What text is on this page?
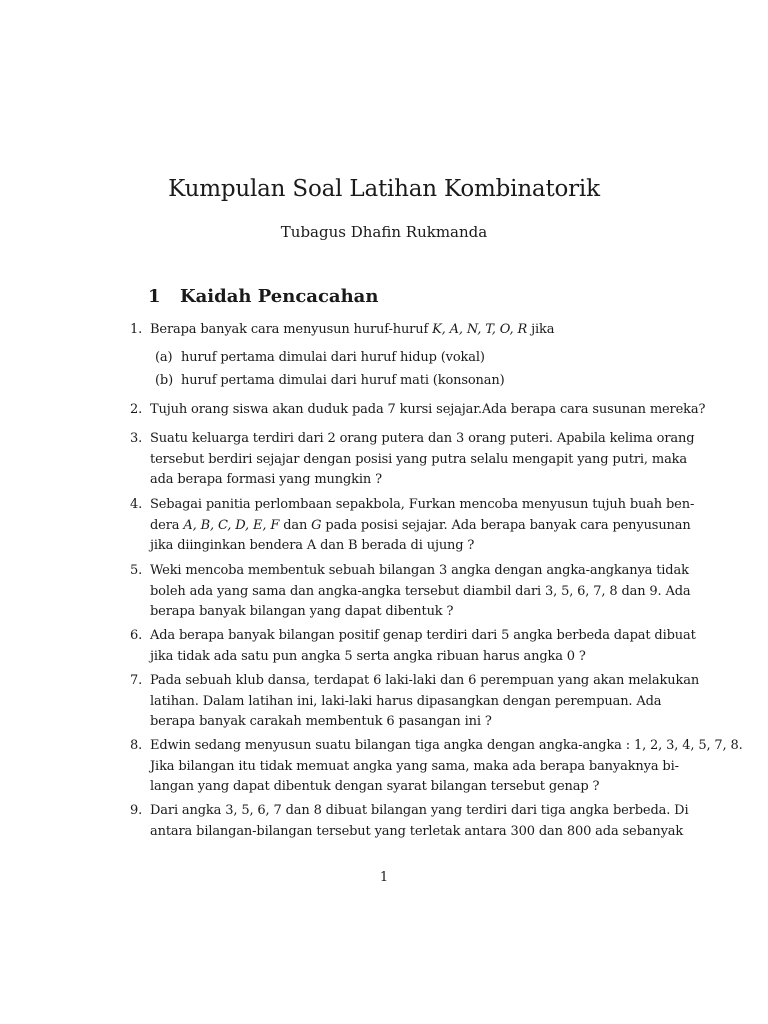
Kumpulan Soal Latihan Kombinatorik
Tubagus Dhafin Rukmanda
1 Kaidah Pencacahan
1. Berapa banyak cara menyusun huruf-huruf K, A, N, T, O, R jika
(a) huruf pertama dimulai dari huruf hidup (vokal)
(b) huruf pertama dimulai dari huruf mati (konsonan)
2. Tujuh orang siswa akan duduk pada 7 kursi sejajar.Ada berapa cara susunan mereka?
3. Suatu keluarga terdiri dari 2 orang putera dan 3 orang puteri. Apabila kelima orang
tersebut berdiri sejajar dengan posisi yang putra selalu mengapit yang putri, maka
ada berapa formasi yang mungkin ?
4. Sebagai panitia perlombaan sepakbola, Furkan mencoba menyusun tujuh buah ben-
dera A, B, C, D, E, F dan G pada posisi sejajar. Ada berapa banyak cara penyusunan
jika diinginkan bendera A dan B berada di ujung ?
5. Weki mencoba membentuk sebuah bilangan 3 angka dengan angka-angkanya tidak
boleh ada yang sama dan angka-angka tersebut diambil dari 3, 5, 6, 7, 8 dan 9. Ada
berapa banyak bilangan yang dapat dibentuk ?
6. Ada berapa banyak bilangan positif genap terdiri dari 5 angka berbeda dapat dibuat
jika tidak ada satu pun angka 5 serta angka ribuan harus angka 0 ?
7. Pada sebuah klub dansa, terdapat 6 laki-laki dan 6 perempuan yang akan melakukan
latihan. Dalam latihan ini, laki-laki harus dipasangkan dengan perempuan. Ada
berapa banyak carakah membentuk 6 pasangan ini ?
8. Edwin sedang menyusun suatu bilangan tiga angka dengan angka-angka : 1, 2, 3, 4, 5, 7, 8.
Jika bilangan itu tidak memuat angka yang sama, maka ada berapa banyaknya bi-
langan yang dapat dibentuk dengan syarat bilangan tersebut genap ?
9. Dari angka 3, 5, 6, 7 dan 8 dibuat bilangan yang terdiri dari tiga angka berbeda. Di
antara bilangan-bilangan tersebut yang terletak antara 300 dan 800 ada sebanyak
1
